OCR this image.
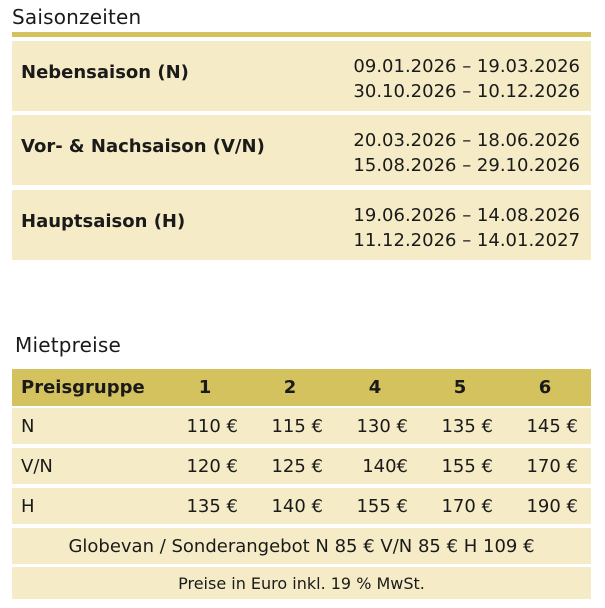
Saisonzeiten
Nebensaison (N)	09.01.2026 – 19.03.2026
30.10.2026 – 10.12.2026
Vor- & Nachsaison (V/N)	20.03.2026 – 18.06.2026
15.08.2026 – 29.10.2026
Hauptsaison (H)	19.06.2026 – 14.08.2026
11.12.2026 – 14.01.2027
Mietpreise
Preisgruppe	1	2	4	5	6
N	110 €	115 €	130 €	135 €	145 €
V/N	120 €	125 €	140€	155 €	170 €
H	135 €	140 €	155 €	170 €	190 €
Globevan / Sonderangebot N 85 € V/N 85 € H 109 €
Preise in Euro inkl. 19 % MwSt.
